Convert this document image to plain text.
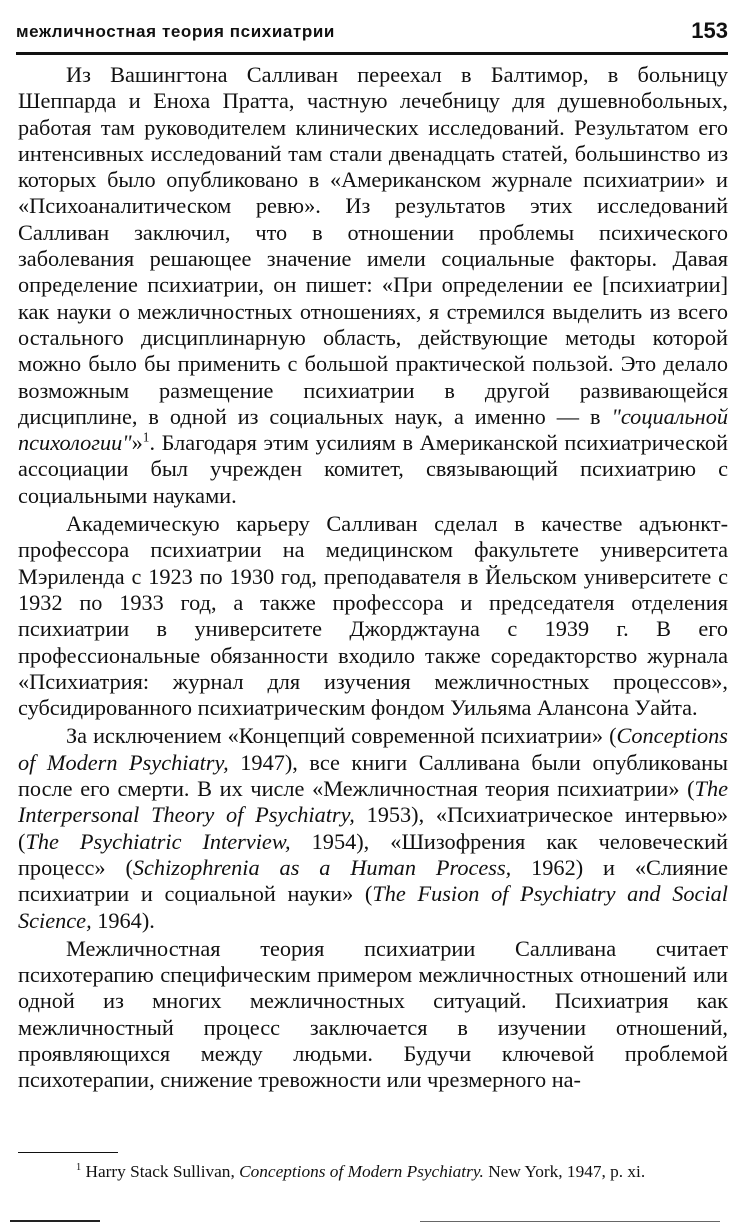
межличностная теория психиатрии	153

Из Вашингтона Салливан переехал в Балтимор, в больницу Шеппарда и Еноха Пратта, частную лечебницу для душевнобольных, работая там руководителем клинических исследований. Результатом его интенсивных исследований там стали двенадцать статей, большинство из которых было опубликовано в «Американском журнале психиатрии» и «Психоаналитическом ревю». Из результатов этих исследований Салливан заключил, что в отношении проблемы психического заболевания решающее значение имели социальные факторы. Давая определение психиатрии, он пишет: «При определении ее [психиатрии] как науки о межличностных отношениях, я стремился выделить из всего остального дисциплинарную область, действующие методы которой можно было бы применить с большой практической пользой. Это делало возможным размещение психиатрии в другой развивающейся дисциплине, в одной из социальных наук, а именно — в "социальной психологии"»$^1$. Благодаря этим усилиям в Американской психиатрической ассоциации был учрежден комитет, связывающий психиатрию с социальными науками.

Академическую карьеру Салливан сделал в качестве адъюнкт-профессора психиатрии на медицинском факультете университета Мэриленда с 1923 по 1930 год, преподавателя в Йельском университете с 1932 по 1933 год, а также профессора и председателя отделения психиатрии в университете Джорджтауна с 1939 г. В его профессиональные обязанности входило также соредакторство журнала «Психиатрия: журнал для изучения межличностных процессов», субсидированного психиатрическим фондом Уильяма Алансона Уайта.

За исключением «Концепций современной психиатрии» (Conceptions of Modern Psychiatry, 1947), все книги Салливана были опубликованы после его смерти. В их числе «Межличностная теория психиатрии» (The Interpersonal Theory of Psychiatry, 1953), «Психиатрическое интервью» (The Psychiatric Interview, 1954), «Шизофрения как человеческий процесс» (Schizophrenia as a Human Process, 1962) и «Слияние психиатрии и социальной науки» (The Fusion of Psychiatry and Social Science, 1964).

Межличностная теория психиатрии Салливана считает психотерапию специфическим примером межличностных отношений или одной из многих межличностных ситуаций. Психиатрия как межличностный процесс заключается в изучении отношений, проявляющихся между людьми. Будучи ключевой проблемой психотерапии, снижение тревожности или чрезмерного на-

$^1$ Harry Stack Sullivan, Conceptions of Modern Psychiatry. New York, 1947, p. xi.
